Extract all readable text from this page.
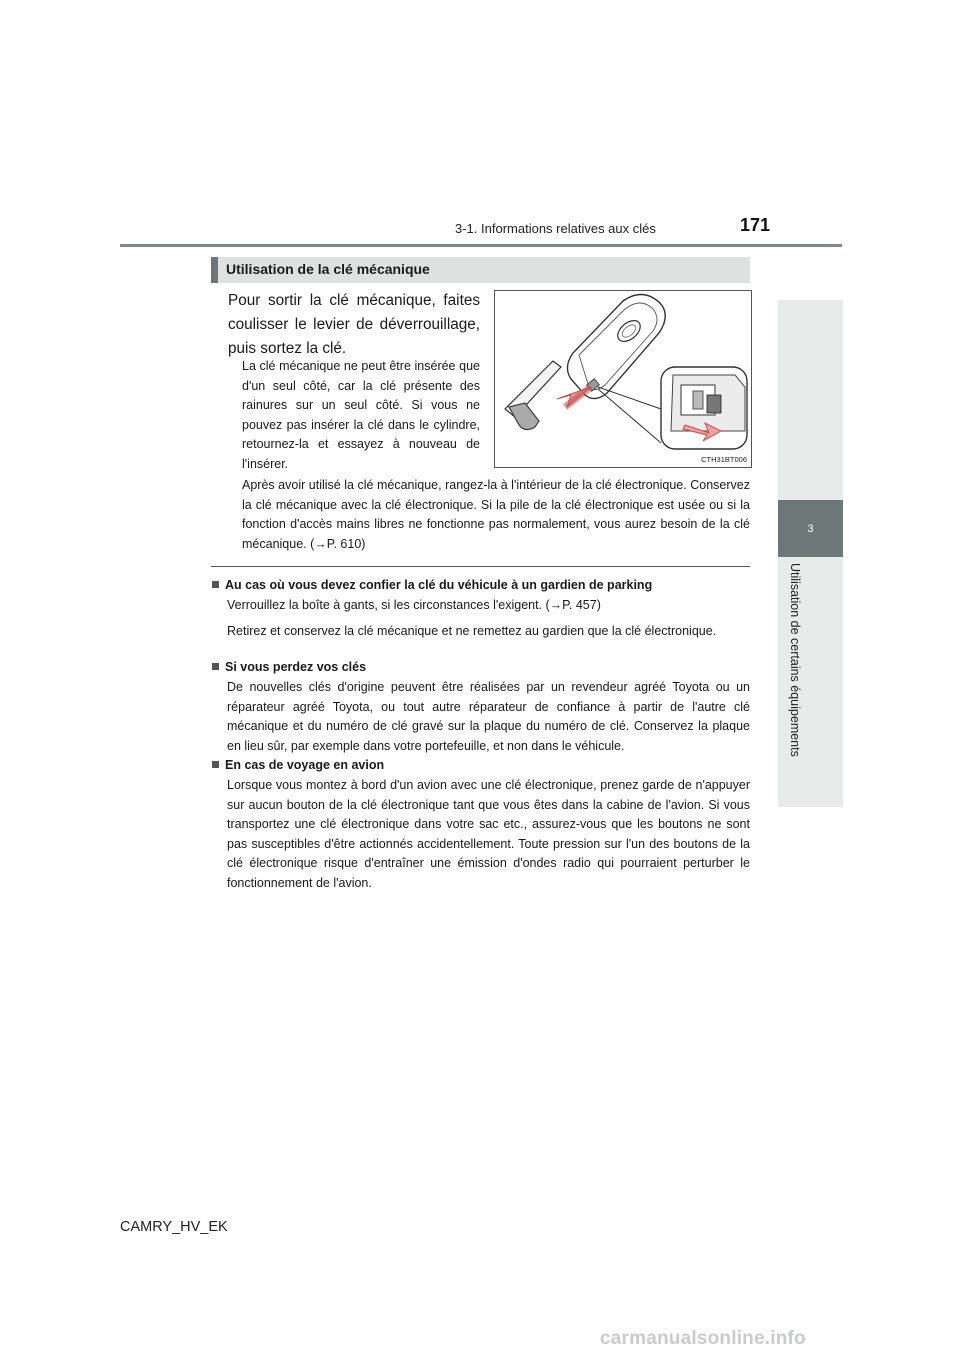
3-1. Informations relatives aux clés	171
3
Utilisation de certains équipements
Utilisation de la clé mécanique
Pour sortir la clé mécanique, faites coulisser le levier de déverrouillage, puis sortez la clé.
La clé mécanique ne peut être insérée que d'un seul côté, car la clé présente des rainures sur un seul côté. Si vous ne pouvez pas insérer la clé dans le cylindre, retournez-la et essayez à nouveau de l'insérer.	CTH31BT006
Après avoir utilisé la clé mécanique, rangez-la à l'intérieur de la clé électronique. Conservez la clé mécanique avec la clé électronique. Si la pile de la clé électronique est usée ou si la fonction d'accès mains libres ne fonctionne pas normalement, vous aurez besoin de la clé mécanique. (→P. 610)
Au cas où vous devez confier la clé du véhicule à un gardien de parking

Verrouillez la boîte à gants, si les circonstances l'exigent. (→P. 457)

Retirez et conservez la clé mécanique et ne remettez au gardien que la clé électronique.

Si vous perdez vos clés

De nouvelles clés d'origine peuvent être réalisées par un revendeur agréé Toyota ou un réparateur agréé Toyota, ou tout autre réparateur de confiance à partir de l'autre clé mécanique et du numéro de clé gravé sur la plaque du numéro de clé. Conservez la plaque en lieu sûr, par exemple dans votre portefeuille, et non dans le véhicule.

En cas de voyage en avion

Lorsque vous montez à bord d'un avion avec une clé électronique, prenez garde de n'appuyer sur aucun bouton de la clé électronique tant que vous êtes dans la cabine de l'avion. Si vous transportez une clé électronique dans votre sac etc., assurez-vous que les boutons ne sont pas susceptibles d'être actionnés accidentellement. Toute pression sur l'un des boutons de la clé électronique risque d'entraîner une émission d'ondes radio qui pourraient perturber le fonctionnement de l'avion.

CAMRY_HV_EK
carmanualsonline.info
